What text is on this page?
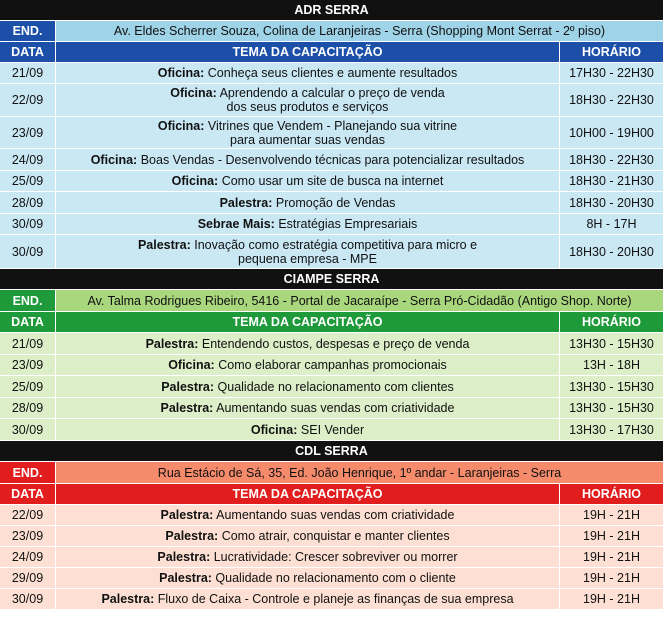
ADR SERRA
END.	Av. Eldes Scherrer Souza, Colina de Laranjeiras - Serra (Shopping Mont Serrat - 2º piso)
DATA	TEMA DA CAPACITAÇÃO	HORÁRIO
21/09	Oficina: Conheça seus clientes e aumente resultados	17H30 - 22H30
22/09	Oficina: Aprendendo a calcular o preço de venda
dos seus produtos e serviços	18H30 - 22H30
23/09	Oficina: Vitrines que Vendem - Planejando sua vitrine
para aumentar suas vendas	10H00 - 19H00
24/09	Oficina: Boas Vendas - Desenvolvendo técnicas para potencializar resultados	18H30 - 22H30
25/09	Oficina: Como usar um site de busca na internet	18H30 - 21H30
28/09	Palestra: Promoção de Vendas	18H30 - 20H30
30/09	Sebrae Mais: Estratégias Empresariais	8H - 17H
30/09	Palestra: Inovação como estratégia competitiva para micro e
pequena empresa - MPE	18H30 - 20H30
CIAMPE SERRA
END.	Av. Talma Rodrigues Ribeiro, 5416 - Portal de Jacaraípe - Serra Pró-Cidadão (Antigo Shop. Norte)
DATA	TEMA DA CAPACITAÇÃO	HORÁRIO
21/09	Palestra: Entendendo custos, despesas e preço de venda	13H30 - 15H30
23/09	Oficina: Como elaborar campanhas promocionais	13H - 18H
25/09	Palestra: Qualidade no relacionamento com clientes	13H30 - 15H30
28/09	Palestra: Aumentando suas vendas com criatividade	13H30 - 15H30
30/09	Oficina: SEI Vender	13H30 - 17H30
CDL SERRA
END.	Rua Estácio de Sá, 35, Ed. João Henrique, 1º andar - Laranjeiras - Serra
DATA	TEMA DA CAPACITAÇÃO	HORÁRIO
22/09	Palestra: Aumentando suas vendas com criatividade	19H - 21H
23/09	Palestra: Como atrair, conquistar e manter clientes	19H - 21H
24/09	Palestra: Lucratividade: Crescer sobreviver ou morrer	19H - 21H
29/09	Palestra: Qualidade no relacionamento com o cliente	19H - 21H
30/09	Palestra: Fluxo de Caixa - Controle e planeje as finanças de sua empresa	19H - 21H
